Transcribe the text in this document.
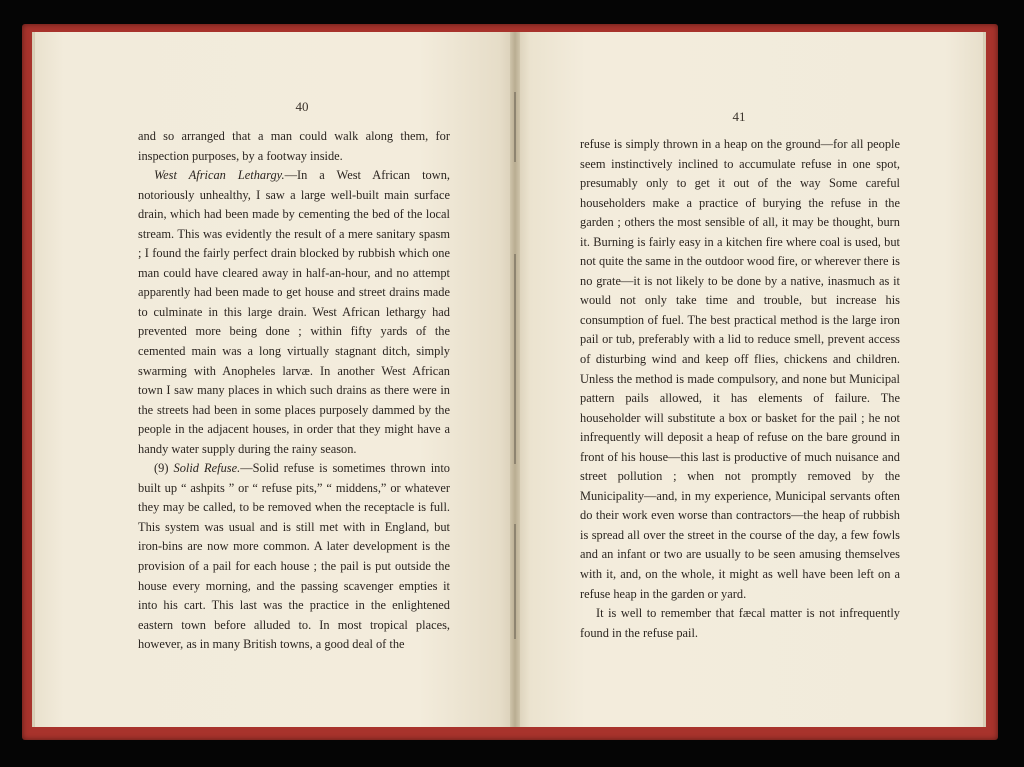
40

and so arranged that a man could walk along them, for inspection purposes, by a footway inside.

West African Lethargy.—In a West African town, notoriously unhealthy, I saw a large well-built main surface drain, which had been made by cementing the bed of the local stream. This was evidently the result of a mere sanitary spasm ; I found the fairly perfect drain blocked by rubbish which one man could have cleared away in half-an-hour, and no attempt apparently had been made to get house and street drains made to culminate in this large drain. West African lethargy had prevented more being done ; within fifty yards of the cemented main was a long virtually stagnant ditch, simply swarming with Anopheles larvæ. In another West African town I saw many places in which such drains as there were in the streets had been in some places purposely dammed by the people in the adjacent houses, in order that they might have a handy water supply during the rainy season.

(9) Solid Refuse.—Solid refuse is sometimes thrown into built up “ ashpits ” or “ refuse pits,” “ middens,” or whatever they may be called, to be removed when the receptacle is full. This system was usual and is still met with in England, but iron-bins are now more common. A later development is the provision of a pail for each house ; the pail is put outside the house every morning, and the passing scavenger empties it into his cart. This last was the practice in the enlightened eastern town before alluded to. In most tropical places, however, as in many British towns, a good deal of the

41

refuse is simply thrown in a heap on the ground—for all people seem instinctively inclined to accumulate refuse in one spot, presumably only to get it out of the way Some careful householders make a practice of burying the refuse in the garden ; others the most sensible of all, it may be thought, burn it. Burning is fairly easy in a kitchen fire where coal is used, but not quite the same in the outdoor wood fire, or wherever there is no grate—it is not likely to be done by a native, inasmuch as it would not only take time and trouble, but increase his consumption of fuel. The best practical method is the large iron pail or tub, preferably with a lid to reduce smell, prevent access of disturbing wind and keep off flies, chickens and children. Unless the method is made compulsory, and none but Municipal pattern pails allowed, it has elements of failure. The householder will substitute a box or basket for the pail ; he not infrequently will deposit a heap of refuse on the bare ground in front of his house—this last is productive of much nuisance and street pollution ; when not promptly removed by the Municipality—and, in my experience, Municipal servants often do their work even worse than contractors—the heap of rubbish is spread all over the street in the course of the day, a few fowls and an infant or two are usually to be seen amusing themselves with it, and, on the whole, it might as well have been left on a refuse heap in the garden or yard.

It is well to remember that fæcal matter is not infrequently found in the refuse pail.
